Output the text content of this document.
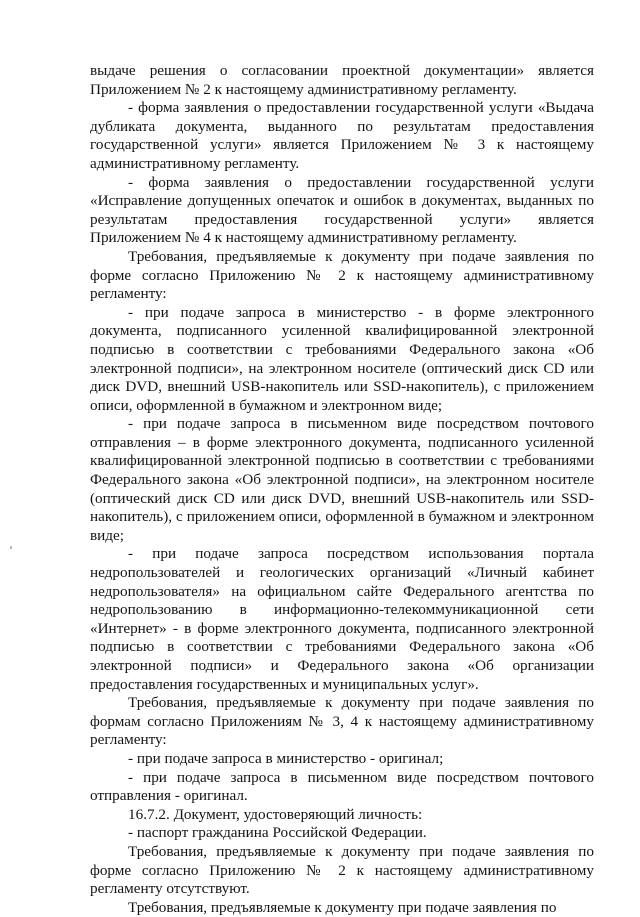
выдаче решения о согласовании проектной документации» является Приложением № 2 к настоящему административному регламенту.

- форма заявления о предоставлении государственной услуги «Выдача дубликата документа, выданного по результатам предоставления государственной услуги» является Приложением № 3 к настоящему административному регламенту.

- форма заявления о предоставлении государственной услуги «Исправление допущенных опечаток и ошибок в документах, выданных по результатам предоставления государственной услуги» является Приложением № 4 к настоящему административному регламенту.

Требования, предъявляемые к документу при подаче заявления по форме согласно Приложению № 2 к настоящему административному регламенту:

- при подаче запроса в министерство - в форме электронного документа, подписанного усиленной квалифицированной электронной подписью в соответствии с требованиями Федерального закона «Об электронной подписи», на электронном носителе (оптический диск CD или диск DVD, внешний USB-накопитель или SSD-накопитель), с приложением описи, оформленной в бумажном и электронном виде;

- при подаче запроса в письменном виде посредством почтового отправления – в форме электронного документа, подписанного усиленной квалифицированной электронной подписью в соответствии с требованиями Федерального закона «Об электронной подписи», на электронном носителе (оптический диск CD или диск DVD, внешний USB-накопитель или SSD-накопитель), с приложением описи, оформленной в бумажном и электронном виде;

- при подаче запроса посредством использования портала недропользователей и геологических организаций «Личный кабинет недропользователя» на официальном сайте Федерального агентства по недропользованию в информационно-телекоммуникационной сети «Интернет» - в форме электронного документа, подписанного электронной подписью в соответствии с требованиями Федерального закона «Об электронной подписи» и Федерального закона «Об организации предоставления государственных и муниципальных услуг».

Требования, предъявляемые к документу при подаче заявления по формам согласно Приложениям № 3, 4 к настоящему административному регламенту:

- при подаче запроса в министерство - оригинал;

- при подаче запроса в письменном виде посредством почтового отправления - оригинал.

16.7.2. Документ, удостоверяющий личность:

- паспорт гражданина Российской Федерации.

Требования, предъявляемые к документу при подаче заявления по форме согласно Приложению № 2 к настоящему административному регламенту отсутствуют.

Требования, предъявляемые к документу при подаче заявления по
